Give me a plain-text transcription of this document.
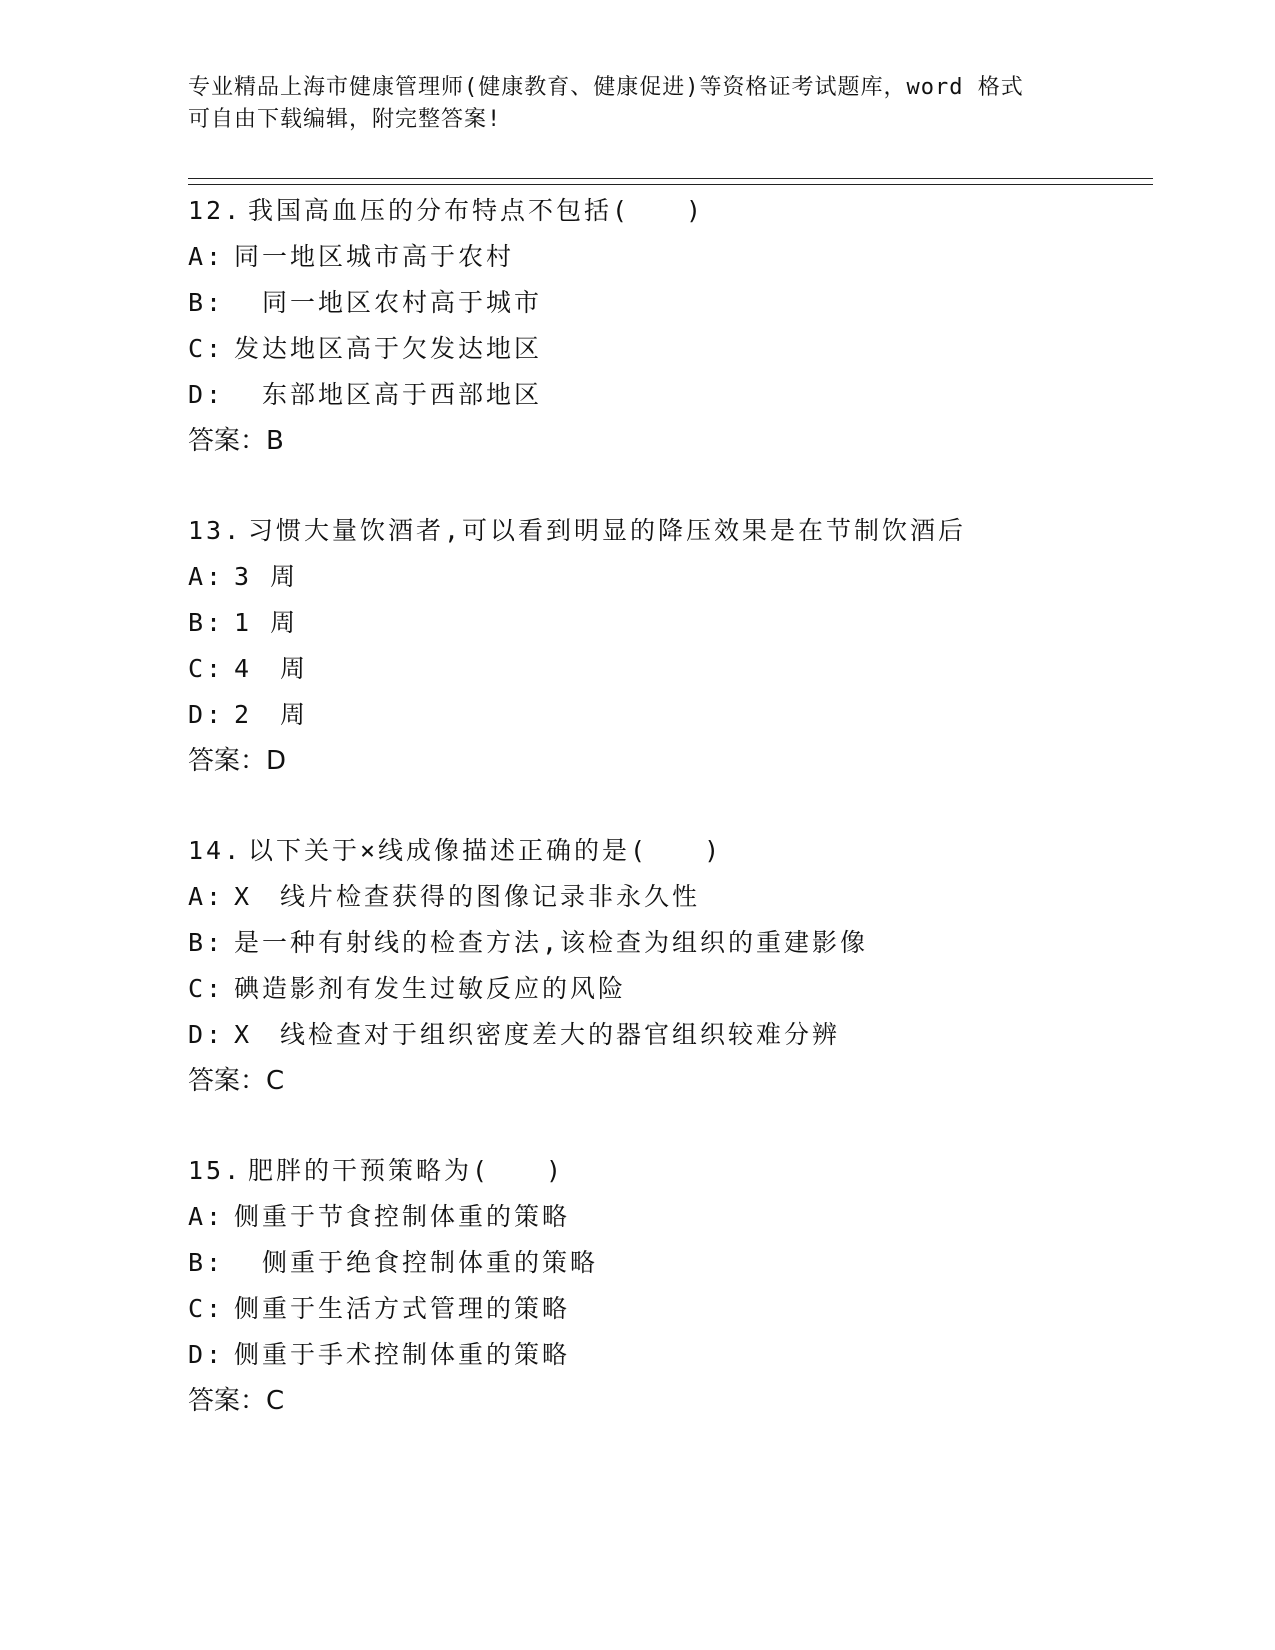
专业精品上海市健康管理师(健康教育、健康促进)等资格证考试题库，word 格式
可自由下载编辑，附完整答案!
12. 我国高血压的分布特点不包括(　　)
A: 同一地区城市高于农村
B:　同一地区农村高于城市
C: 发达地区高于欠发达地区
D:　东部地区高于西部地区
答案：B
13. 习惯大量饮酒者,可以看到明显的降压效果是在节制饮酒后
A: 3 周
B: 1 周
C: 4　周
D: 2　周
答案：D
14. 以下关于×线成像描述正确的是(　　)
A: X　线片检查获得的图像记录非永久性
B: 是一种有射线的检查方法,该检查为组织的重建影像
C: 碘造影剂有发生过敏反应的风险
D: X　线检查对于组织密度差大的器官组织较难分辨
答案：C
15. 肥胖的干预策略为(　　)
A: 侧重于节食控制体重的策略
B:　侧重于绝食控制体重的策略
C: 侧重于生活方式管理的策略
D: 侧重于手术控制体重的策略
答案：C
